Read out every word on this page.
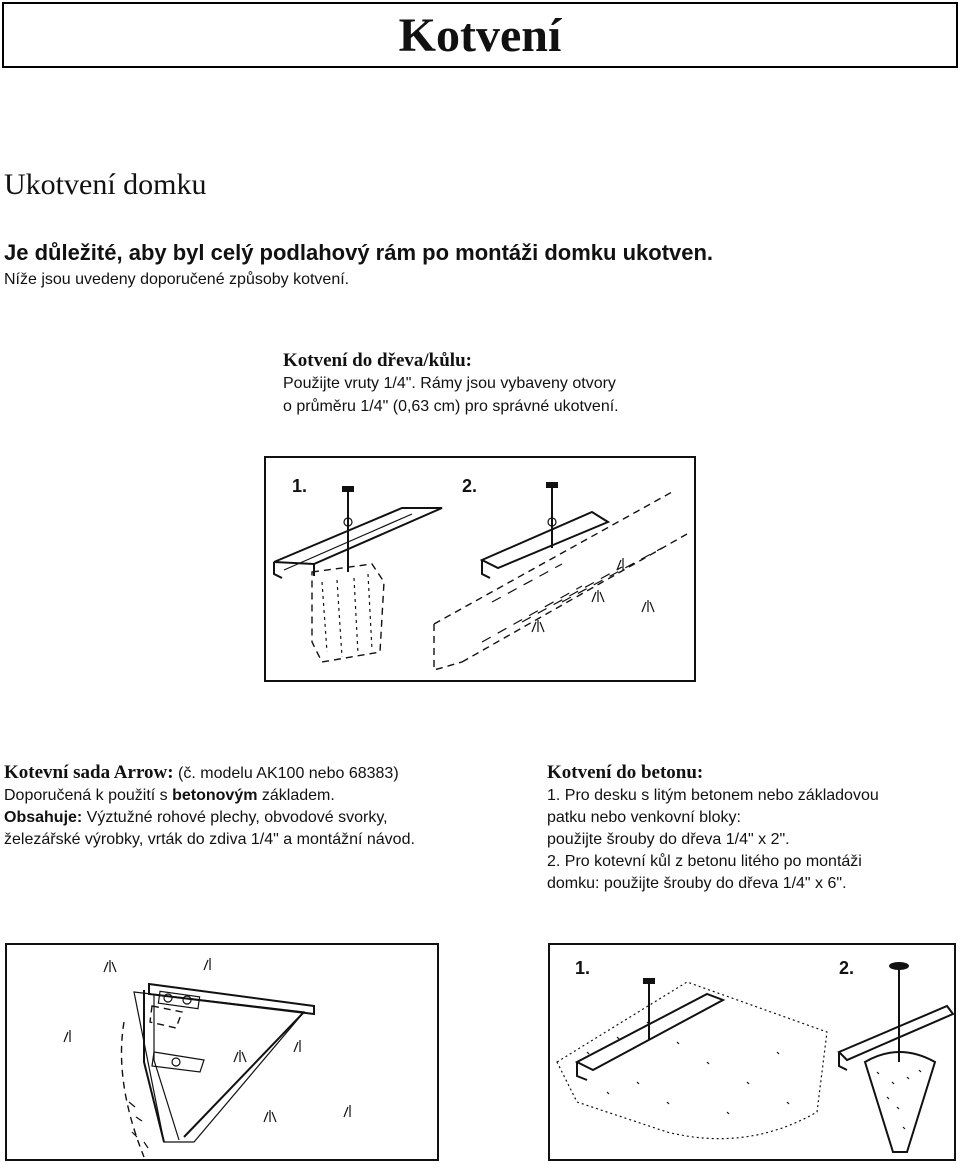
Kotvení
Ukotvení domku
Je důležité, aby byl celý podlahový rám po montáži domku ukotven.
Níže jsou uvedeny doporučené způsoby kotvení.
Kotvení do dřeva/kůlu:
Použijte vruty 1/4". Rámy jsou vybaveny otvory
o průměru 1/4" (0,63 cm) pro správné ukotvení.
1.	2.
Kotevní sada Arrow: (č. modelu AK100 nebo 68383)
Doporučená k použití s betonovým základem.
Obsahuje: Výztužné rohové plechy, obvodové svorky,
železářské výrobky, vrták do zdiva 1/4" a montážní návod.
Kotvení do betonu:
1. Pro desku s litým betonem nebo základovou
patku nebo venkovní bloky:
použijte šrouby do dřeva 1/4" x 2".
2. Pro kotevní kůl z betonu litého po montáži
domku: použijte šrouby do dřeva 1/4" x 6".
1.	2.
